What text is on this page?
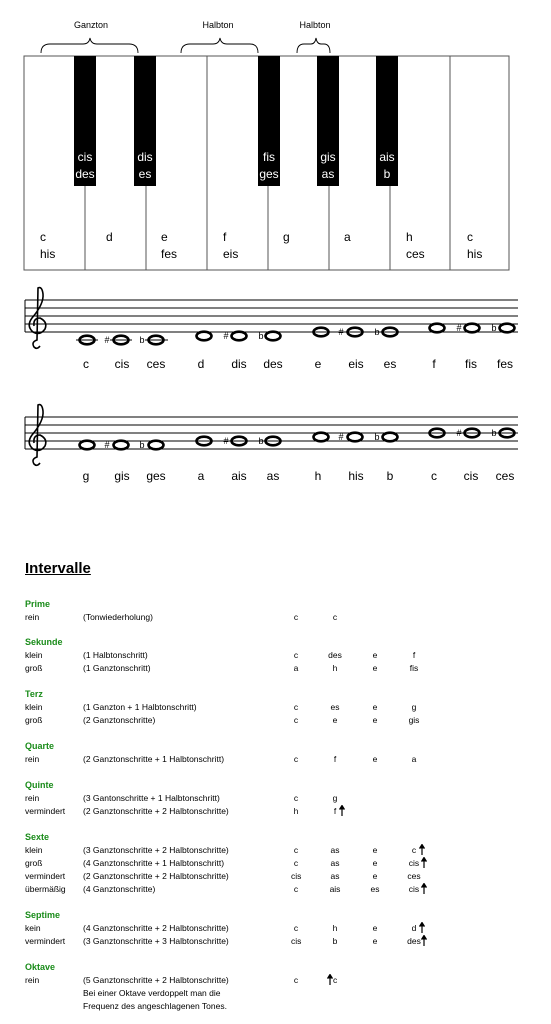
Ganzton	Halbton	Halbton
cis
des
dis
es
fis
ges
gis
as
ais
b
c
his
d	e
fes
f
eis
g	a	h
ces
c
his
#	b	#	b	#	b	#	b
c cis ces	d dis des	e eis es	f fis fes
#	b	#	b	#	b	#	b
g gis ges	a ais as	h his b	c cis ces
Intervalle
Prime
rein	(Tonwiederholung)	c	c
Sekunde
klein	(1 Halbtonschritt)	c	des	e	f
groß	(1 Ganztonschritt)	a	h	e	fis
Terz
klein	(1 Ganzton + 1 Halbtonschritt)	c	es	e	g
groß	(2 Ganztonschritte)	c	e	e	gis
Quarte
rein	(2 Ganztonschritte + 1 Halbtonschritt)	c	f	e	a
Quinte
rein	(3 Gantonschritte + 1 Halbtonschritt)	c	g
vermindert (2 Ganztonschritte + 2 Halbtonschritte)	h	f
Sexte
klein	(3 Ganztonschritte + 2 Halbtonschritte)	c	as	e	c
groß	(4 Ganztonschritte + 1 Halbtonschritt)	c	as	e	cis
vermindert (2 Ganztonschritte + 2 Halbtonschritte)	cis	as	e	ces
übermäßig (4 Ganztonschritte)	c	ais	es	cis
Septime
kein	(4 Ganztonschritte + 2 Halbtonschritte)	c	h	e	d
vermindert (3 Ganztonschritte + 3 Halbtonschritte)	cis	b	e	des
Oktave
rein	(5 Ganztonschritte + 2 Halbtonschritte)	c	c
Bei einer Oktave verdoppelt man die
Frequenz des angeschlagenen Tones.
